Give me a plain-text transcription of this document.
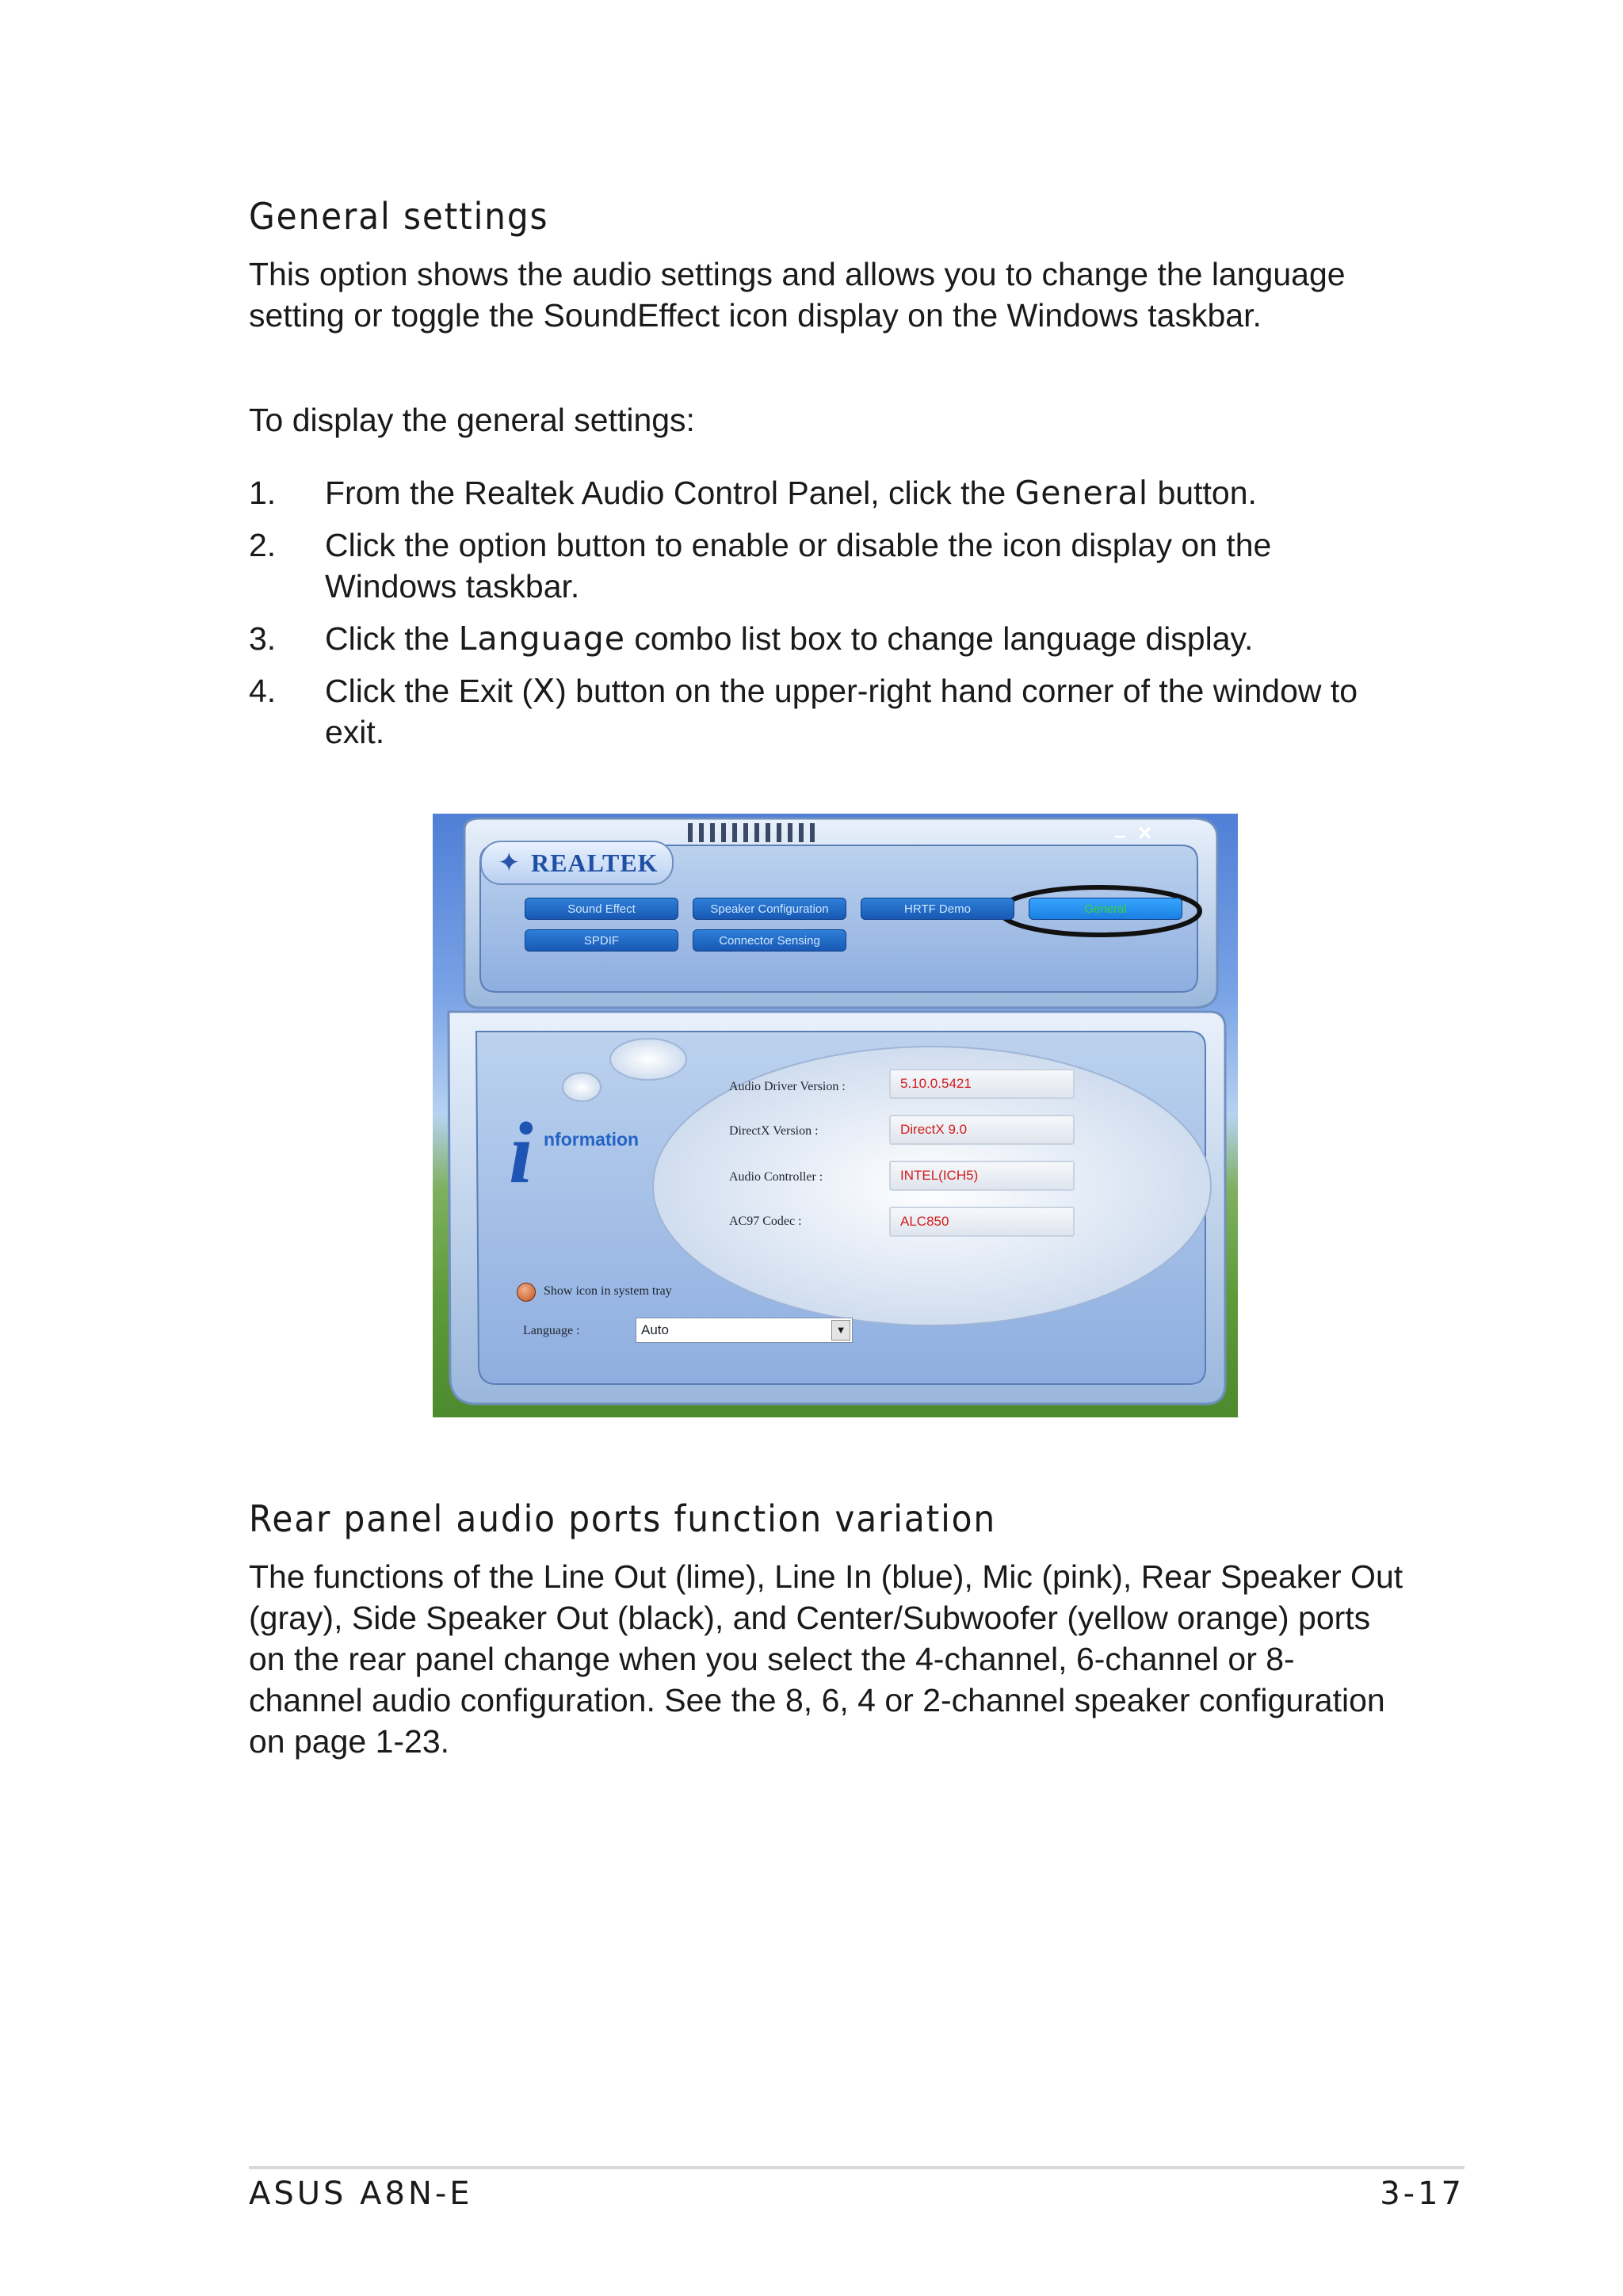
General settings

This option shows the audio settings and allows you to change the language setting or toggle the SoundEffect icon display on the Windows taskbar.

To display the general settings:

1. From the Realtek Audio Control Panel, click the General button.
2. Click the option button to enable or disable the icon display on the Windows taskbar.
3. Click the Language combo list box to change language display.
4. Click the Exit (X) button on the upper-right hand corner of the window to exit.
✦ REALTEK
– ×
Sound Effect	Speaker Configuration	HRTF Demo	General
SPDIF	Connector Sensing
i nformation
Audio Driver Version :	5.10.0.5421
DirectX Version :	DirectX 9.0
Audio Controller :	INTEL(ICH5)
AC97 Codec :	ALC850
Show icon in system tray
Language :	Auto	▼
Rear panel audio ports function variation

The functions of the Line Out (lime), Line In (blue), Mic (pink), Rear Speaker Out (gray), Side Speaker Out (black), and Center/Subwoofer (yellow orange) ports on the rear panel change when you select the 4-channel, 6-channel or 8-channel audio configuration. See the 8, 6, 4 or 2-channel speaker configuration on page 1-23.

ASUS A8N-E	3-17
